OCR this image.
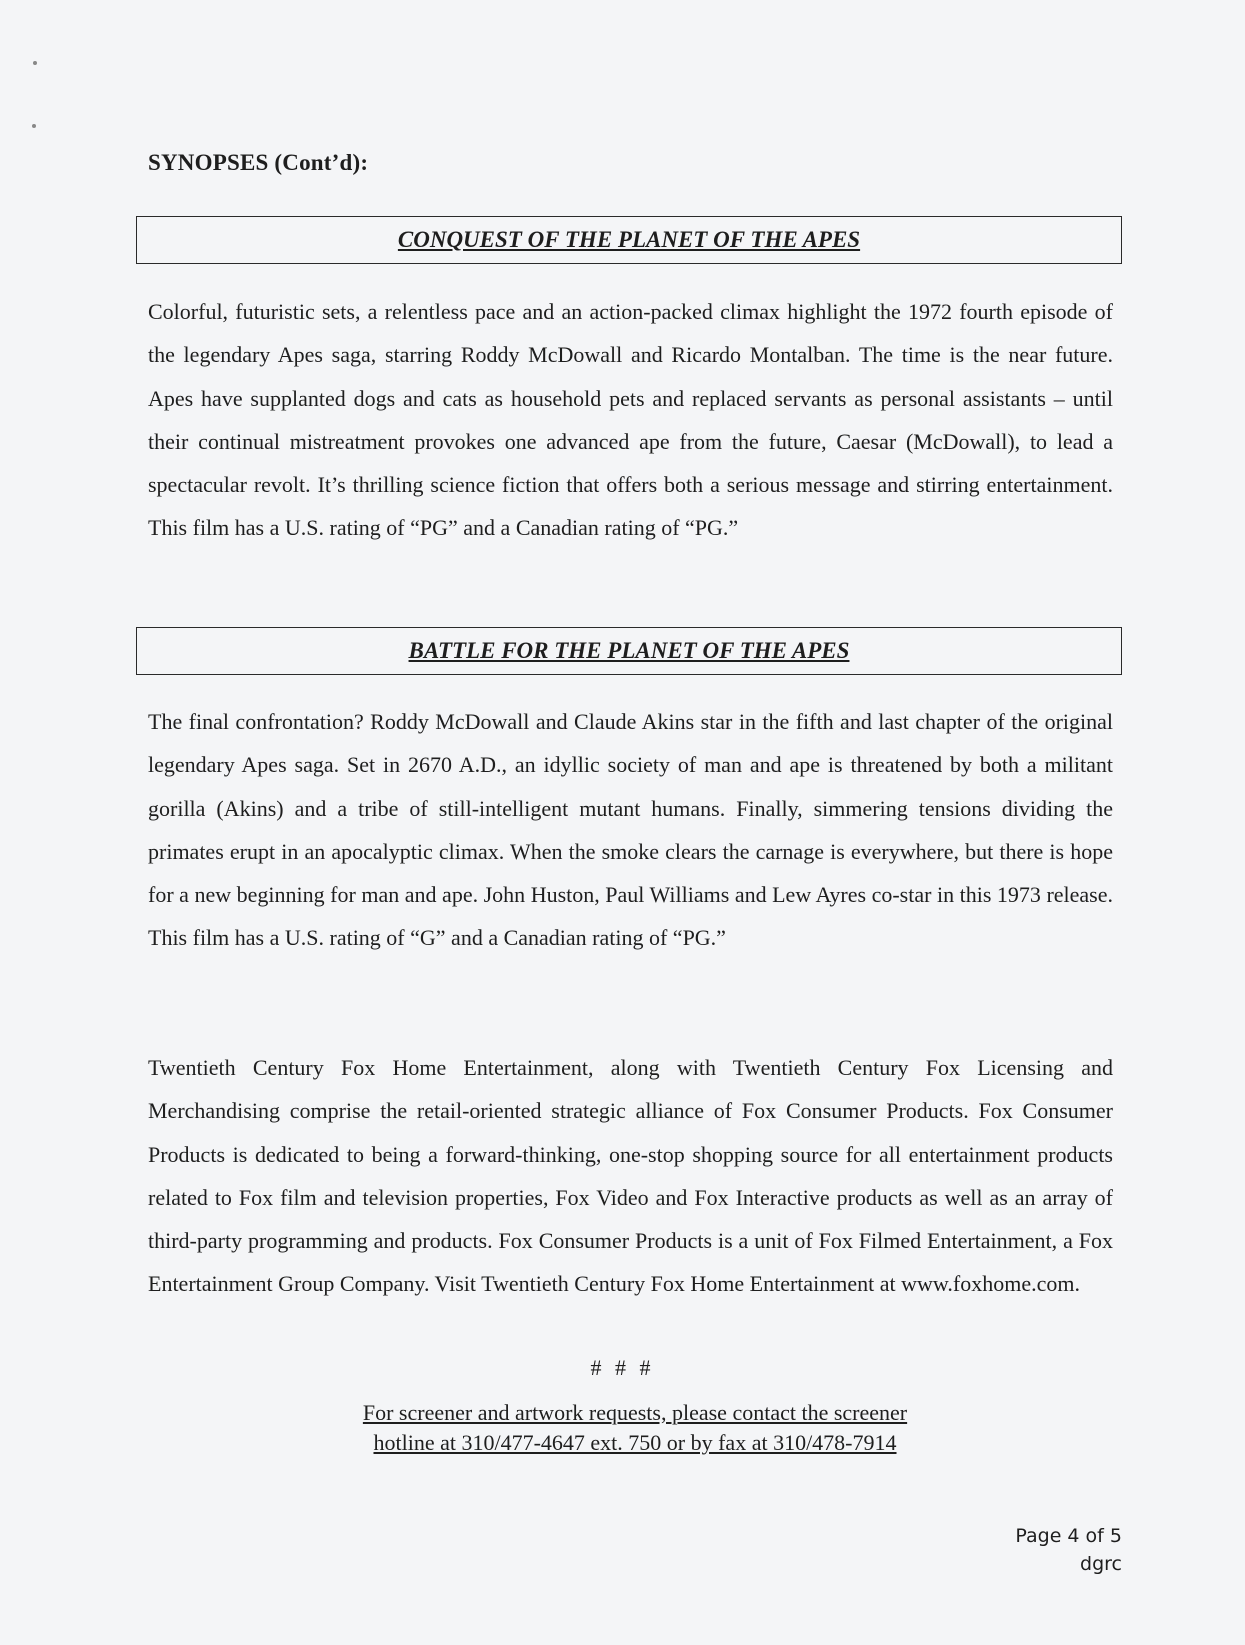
SYNOPSES (Cont’d):
CONQUEST OF THE PLANET OF THE APES

Colorful, futuristic sets, a relentless pace and an action-packed climax highlight the 1972 fourth episode of the legendary Apes saga, starring Roddy McDowall and Ricardo Montalban. The time is the near future. Apes have supplanted dogs and cats as household pets and replaced servants as personal assistants – until their continual mistreatment provokes one advanced ape from the future, Caesar (McDowall), to lead a spectacular revolt. It’s thrilling science fiction that offers both a serious message and stirring entertainment. This film has a U.S. rating of “PG” and a Canadian rating of “PG.”

BATTLE FOR THE PLANET OF THE APES

The final confrontation? Roddy McDowall and Claude Akins star in the fifth and last chapter of the original legendary Apes saga. Set in 2670 A.D., an idyllic society of man and ape is threatened by both a militant gorilla (Akins) and a tribe of still-intelligent mutant humans. Finally, simmering tensions dividing the primates erupt in an apocalyptic climax. When the smoke clears the carnage is everywhere, but there is hope for a new beginning for man and ape. John Huston, Paul Williams and Lew Ayres co-star in this 1973 release. This film has a U.S. rating of “G” and a Canadian rating of “PG.”

Twentieth Century Fox Home Entertainment, along with Twentieth Century Fox Licensing and Merchandising comprise the retail-oriented strategic alliance of Fox Consumer Products. Fox Consumer Products is dedicated to being a forward-thinking, one-stop shopping source for all entertainment products related to Fox film and television properties, Fox Video and Fox Interactive products as well as an array of third-party programming and products. Fox Consumer Products is a unit of Fox Filmed Entertainment, a Fox Entertainment Group Company. Visit Twentieth Century Fox Home Entertainment at www.foxhome.com.

# # #
For screener and artwork requests, please contact the screener
hotline at 310/477-4647 ext. 750 or by fax at 310/478-7914
Page 4 of 5
dgrc
